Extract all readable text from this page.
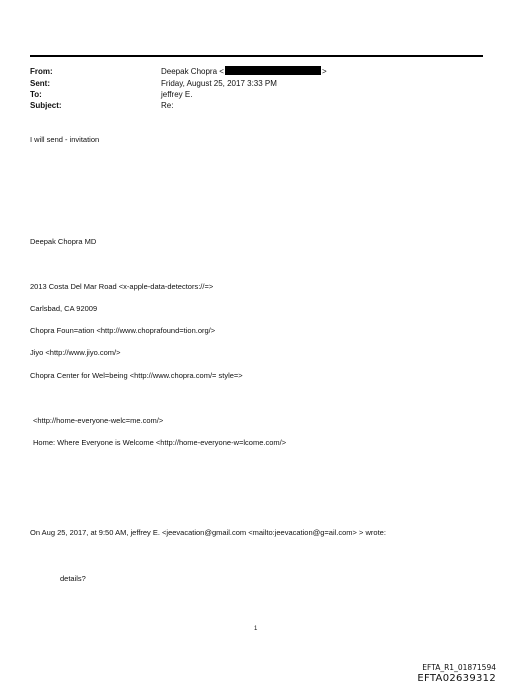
From:	Deepak Chopra <	>
Sent:	Friday, August 25, 2017 3:33 PM
To:	jeffrey E.
Subject:	Re:
I will send - invitation
Deepak Chopra MD
2013 Costa Del Mar Road <x-apple-data-detectors://=>
Carlsbad, CA 92009
Chopra Foun=ation <http://www.choprafound=tion.org/>
Jiyo <http://www.jiyo.com/>
Chopra Center for Wel=being <http://www.chopra.com/= style=>
<http://home-everyone-welc=me.com/>
Home: Where Everyone is Welcome <http://home-everyone-w=lcome.com/>
On Aug 25, 2017, at 9:50 AM, jeffrey E. <jeevacation@gmail.com <mailto:jeevacation@g=ail.com> > wrote:
details?
1
EFTA_R1_01871594
EFTA02639312
